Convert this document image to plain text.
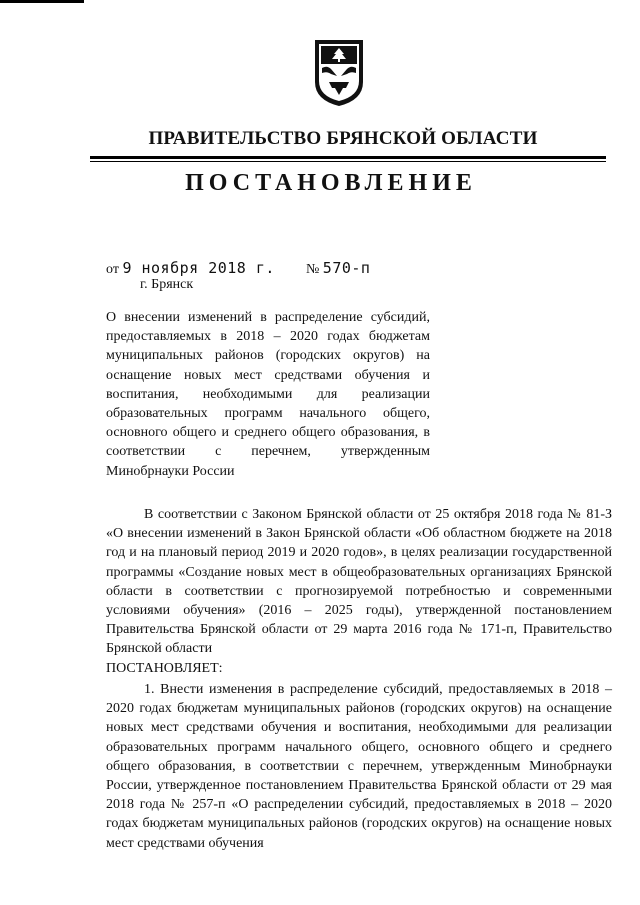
ПРАВИТЕЛЬСТВО БРЯНСКОЙ ОБЛАСТИ
ПОСТАНОВЛЕНИЕ
от 9 ноября 2018 г. № 570-п
г. Брянск
О внесении изменений в распределение субсидий, предоставляемых в 2018 – 2020 годах бюджетам муниципальных районов (городских округов) на оснащение новых мест средствами обучения и воспитания, необходимыми для реализации образовательных программ начального общего, основного общего и среднего общего образования, в соответствии с перечнем, утвержденным Минобрнауки России
В соответствии с Законом Брянской области от 25 октября 2018 года № 81-З «О внесении изменений в Закон Брянской области «Об областном бюджете на 2018 год и на плановый период 2019 и 2020 годов», в целях реализации государственной программы «Создание новых мест в общеобразовательных организациях Брянской области в соответствии с прогнозируемой потребностью и современными условиями обучения» (2016 – 2025 годы), утвержденной постановлением Правительства Брянской области от 29 марта 2016 года № 171-п, Правительство Брянской области
ПОСТАНОВЛЯЕТ:
1. Внести изменения в распределение субсидий, предоставляемых в 2018 – 2020 годах бюджетам муниципальных районов (городских округов) на оснащение новых мест средствами обучения и воспитания, необходимыми для реализации образовательных программ начального общего, основного общего и среднего общего образования, в соответствии с перечнем, утвержденным Минобрнауки России, утвержденное постановлением Правительства Брянской области от 29 мая 2018 года № 257-п «О распределении субсидий, предоставляемых в 2018 – 2020 годах бюджетам муниципальных районов (городских округов) на оснащение новых мест средствами обучения
